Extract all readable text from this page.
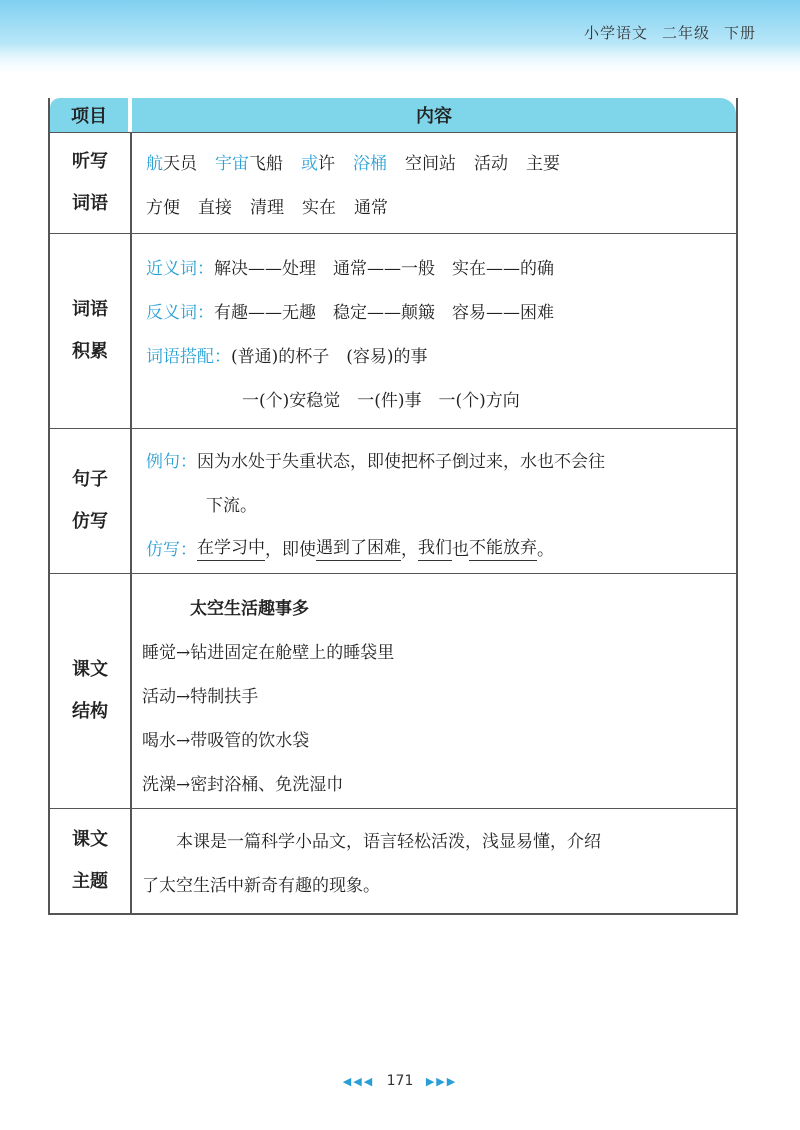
小学语文 二年级 下册
项目	内容
听写
词语
航 天员 宇宙 飞船 或 许 浴桶 空间站 活动 主要
方便 直接 清理 实在 通常
词语
积累
近义词： 解决——处理　通常——一般　实在——的确
反义词： 有趣——无趣　稳定——颠簸　容易——困难
词语搭配： (普通)的杯子　(容易)的事
一(个)安稳觉　一(件)事　一(个)方向
句子
仿写
例句： 因为水处于失重状态，即使把杯子倒过来，水也不会往
下流。
仿写： 在学习中 ，即使 遇到了困难 ， 我们 也 不能放弃 。
课文
结构
太空生活趣事多
睡觉→钻进固定在舱壁上的睡袋里
活动→特制扶手
喝水→带吸管的饮水袋
洗澡→密封浴桶、免洗湿巾
课文
主题
本课是一篇科学小品文，语言轻松活泼，浅显易懂，介绍
了太空生活中新奇有趣的现象。
◀◀◀ 171 ▶▶▶
